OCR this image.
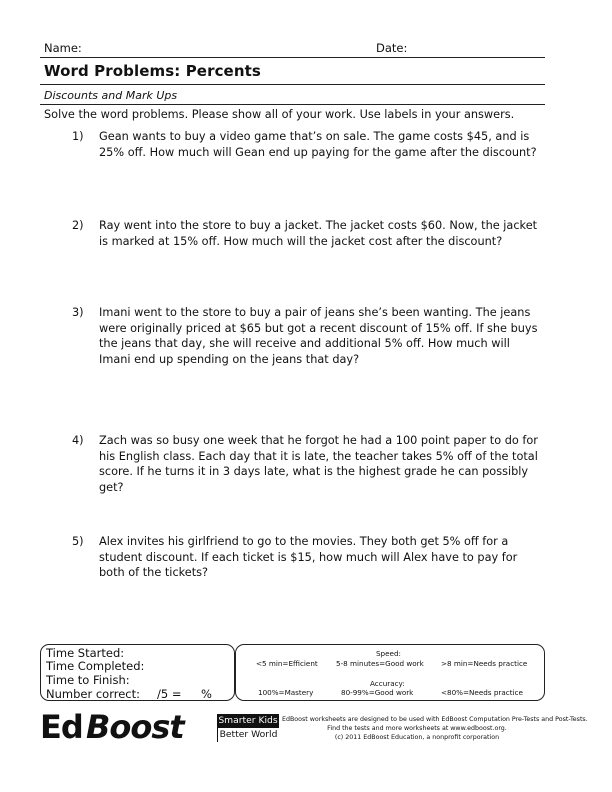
Name:	Date:
Word Problems: Percents
Discounts and Mark Ups
Solve the word problems. Please show all of your work. Use labels in your answers.
1) Gean wants to buy a video game that’s on sale. The game costs $45, and is 25% off. How much will Gean end up paying for the game after the discount?
2) Ray went into the store to buy a jacket. The jacket costs $60. Now, the jacket is marked at 15% off. How much will the jacket cost after the discount?
3) Imani went to the store to buy a pair of jeans she’s been wanting. The jeans were originally priced at $65 but got a recent discount of 15% off. If she buys the jeans that day, she will receive and additional 5% off. How much will Imani end up spending on the jeans that day?
4) Zach was so busy one week that he forgot he had a 100 point paper to do for his English class. Each day that it is late, the teacher takes 5% off of the total score. If he turns it in 3 days late, what is the highest grade he can possibly get?
5) Alex invites his girlfriend to go to the movies. They both get 5% off for a student discount. If each ticket is $15, how much will Alex have to pay for both of the tickets?
Time Started:
Time Completed:
Time to Finish:
Number correct: /5 = %
Speed:
<5 min=Efficient	5-8 minutes=Good work >8 min=Needs practice
Accuracy:
100%=Mastery	80-99%=Good work	<80%=Needs practice
Ed Boost	Smarter Kids
Better World
EdBoost worksheets are designed to be used with EdBoost Computation Pre-Tests and Post-Tests.
Find the tests and more worksheets at www.edboost.org.
(c) 2011 EdBoost Education, a nonprofit corporation
